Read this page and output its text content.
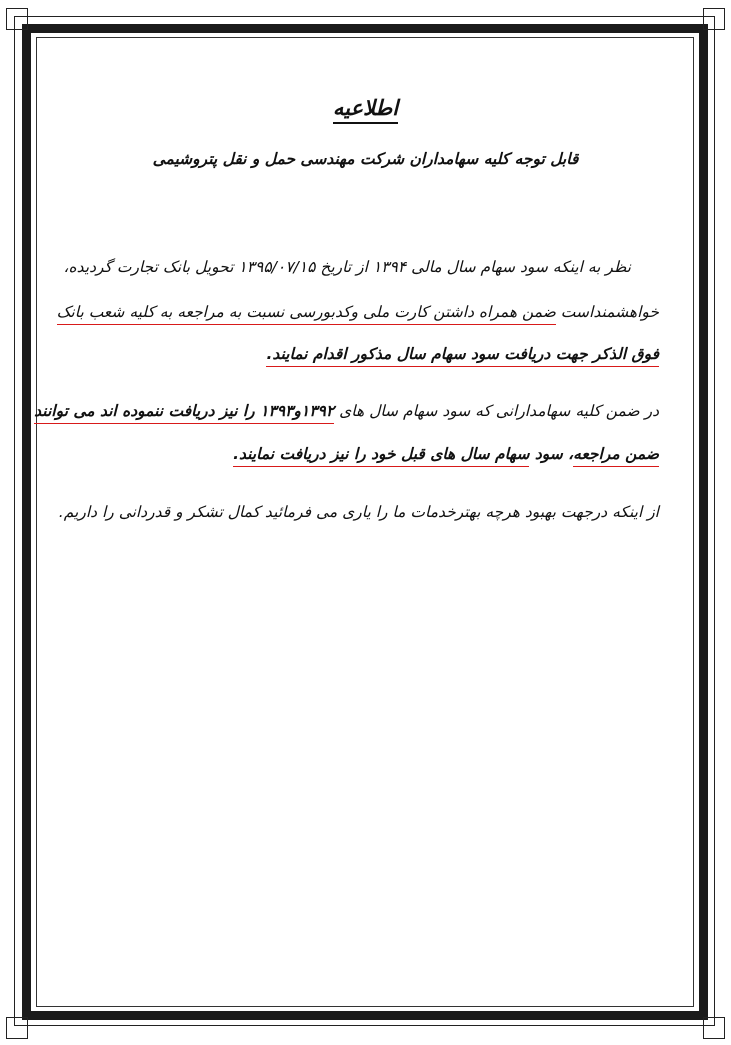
اطلاعیه
قابل توجه کلیه سهامداران شرکت مهندسی حمل و نقل پتروشیمی
نظر به اینکه سود سهام سال مالی ۱۳۹۴ از تاریخ ۱۳۹۵/۰۷/۱۵ تحویل بانک تجارت گردیده،
خواهشمنداست ضمن همراه داشتن کارت ملی وکدبورسی نسبت به مراجعه به کلیه شعب بانک
فوق الذکر جهت دریافت سود سهام سال مذکور اقدام نمایند.
در ضمن کلیه سهامدارانی که سود سهام سال های ۱۳۹۲و۱۳۹۳ را نیز دریافت ننموده اند می توانند
ضمن مراجعه، سود سهام سال های قبل خود را نیز دریافت نمایند.
از اینکه درجهت بهبود هرچه بهترخدمات ما را یاری می فرمائید کمال تشکر و قدردانی را داریم.
